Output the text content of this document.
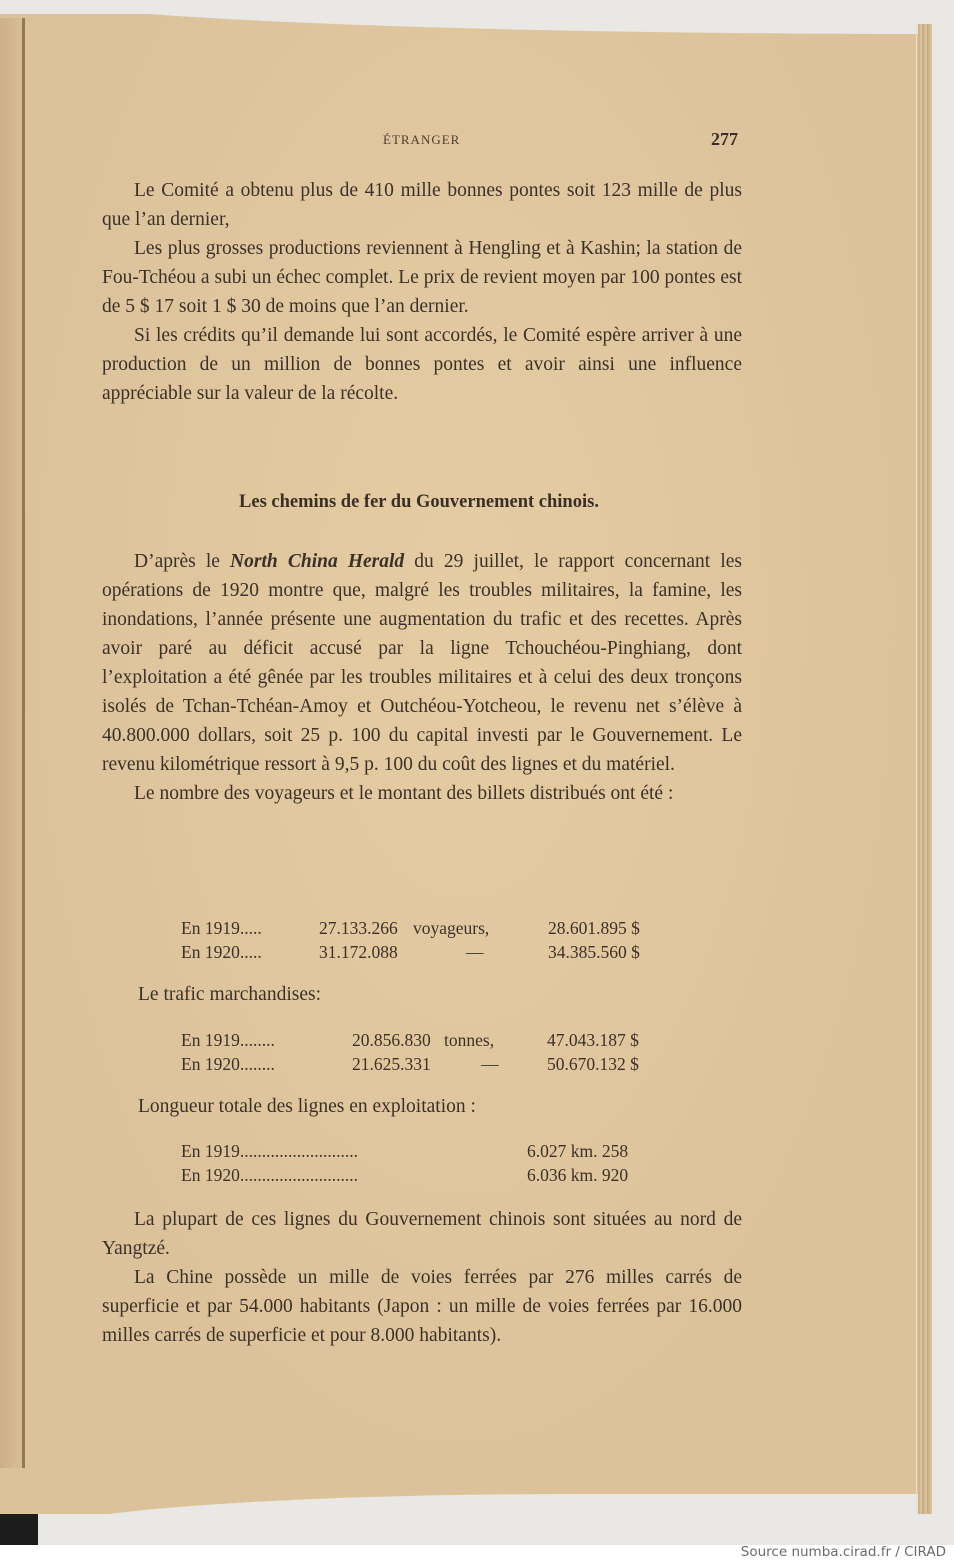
ÉTRANGER	277

Le Comité a obtenu plus de 410 mille bonnes pontes soit 123 mille de plus que l’an dernier,

Les plus grosses productions reviennent à Hengling et à Kashin; la station de Fou-Tchéou a subi un échec complet. Le prix de revient moyen par 100 pontes est de 5 $ 17 soit 1 $ 30 de moins que l’an dernier.

Si les crédits qu’il demande lui sont accordés, le Comité espère arriver à une production de un million de bonnes pontes et avoir ainsi une influence appréciable sur la valeur de la récolte.

Les chemins de fer du Gouvernement chinois.

D’après le North China Herald du 29 juillet, le rapport concernant les opérations de 1920 montre que, malgré les troubles militaires, la famine, les inondations, l’année présente une augmentation du trafic et des recettes. Après avoir paré au déficit accusé par la ligne Tchouchéou-Pinghiang, dont l’exploitation a été gênée par les troubles militaires et à celui des deux tronçons isolés de Tchan-Tchéan-Amoy et Outchéou-Yotcheou, le revenu net s’élève à 40.800.000 dollars, soit 25 p. 100 du capital investi par le Gouvernement. Le revenu kilométrique ressort à 9,5 p. 100 du coût des lignes et du matériel.

Le nombre des voyageurs et le montant des billets distribués ont été :

En 1919.....	27.133.266 voyageurs,	28.601.895 $
En 1920.....	31.172.088	—	34.385.560 $
Le trafic marchandises:
En 1919........	20.856.830 tonnes,	47.043.187 $
En 1920........	21.625.331	—	50.670.132 $
Longueur totale des lignes en exploitation :
En 1919...........................	6.027 km. 258
En 1920...........................	6.036 km. 920

La plupart de ces lignes du Gouvernement chinois sont situées au nord de Yangtzé.

La Chine possède un mille de voies ferrées par 276 milles carrés de superficie et par 54.000 habitants (Japon : un mille de voies ferrées par 16.000 milles carrés de superficie et pour 8.000 habitants).

Source numba.cirad.fr / CIRAD
